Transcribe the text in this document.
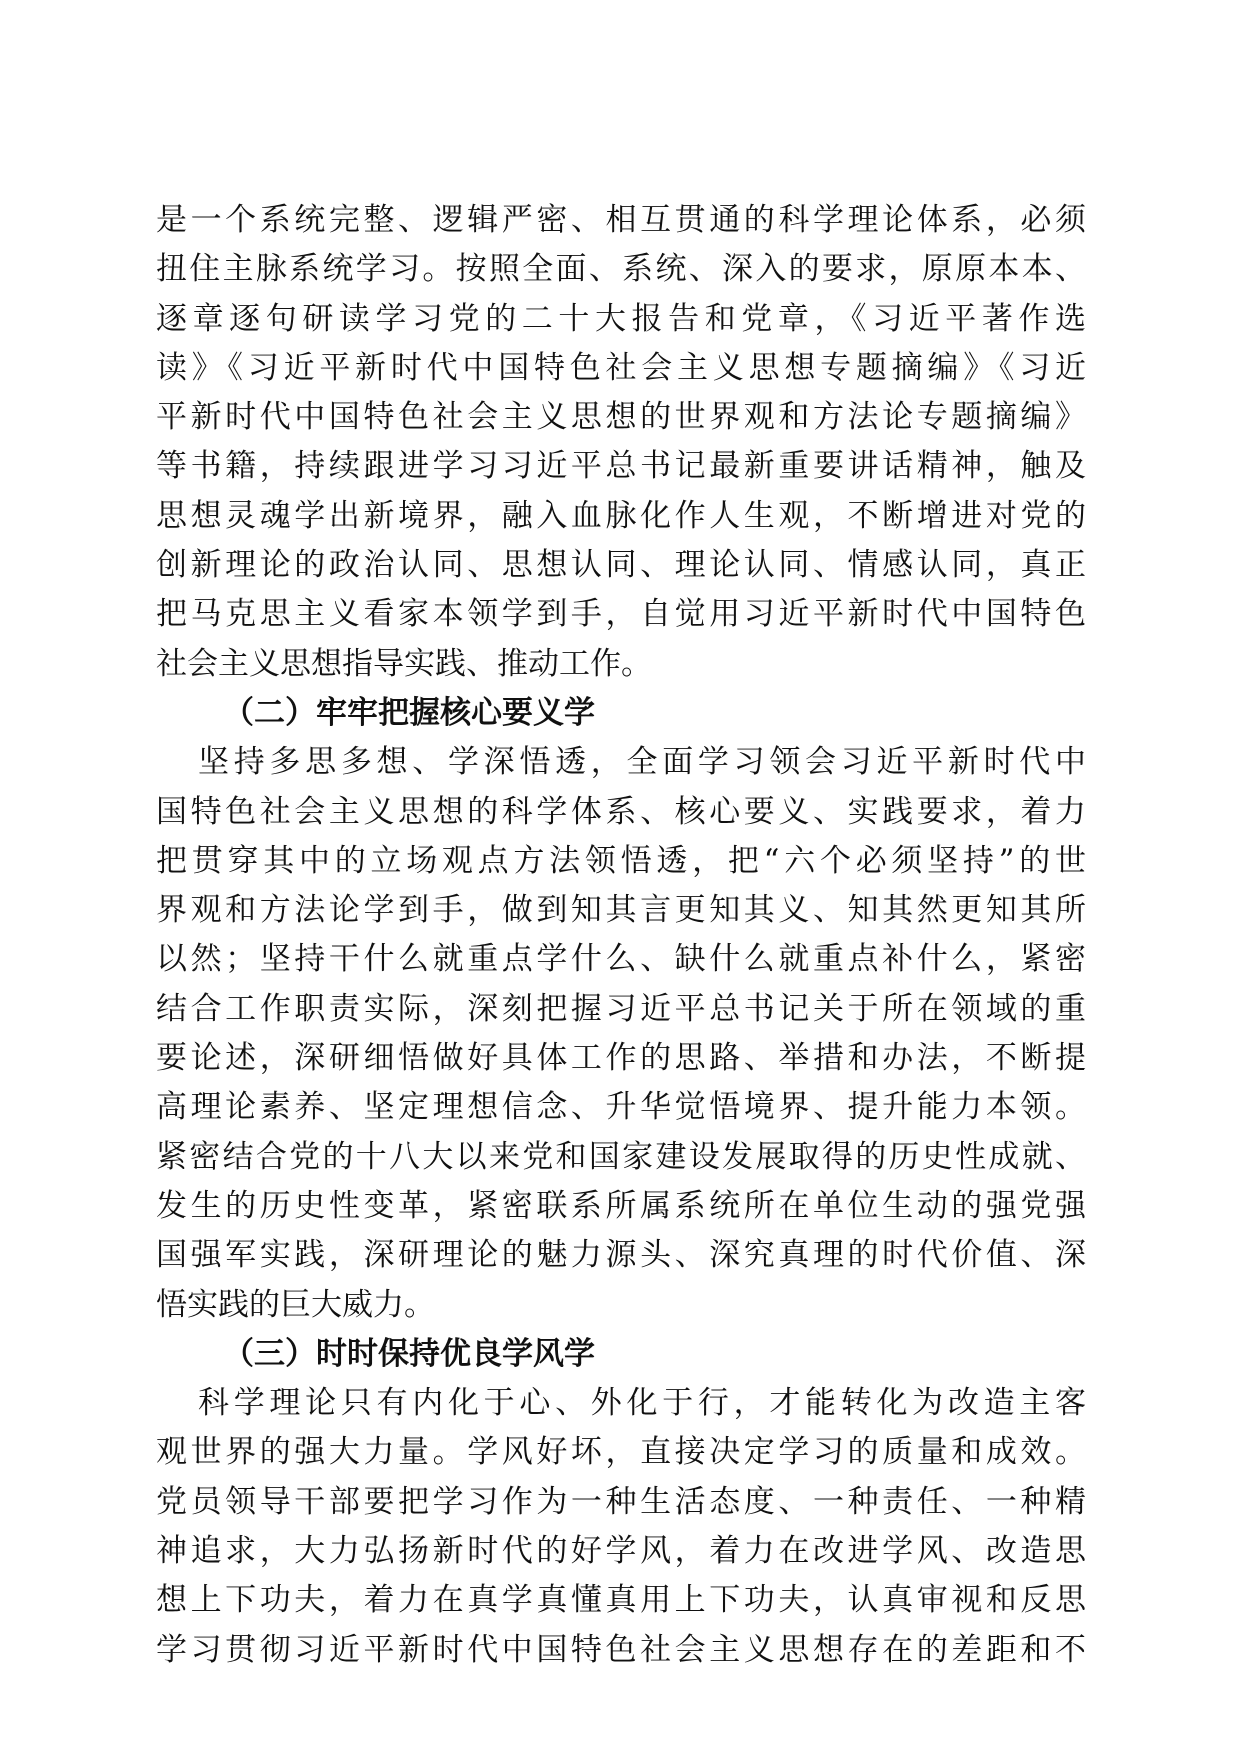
是一个系统完整、逻辑严密、相互贯通的科学理论体系，必须
扭住主脉系统学习。按照全面、系统、深入的要求，原原本本、
逐章逐句研读学习党的二十大报告和党章，《习近平著作选
读》《习近平新时代中国特色社会主义思想专题摘编》《习近
平新时代中国特色社会主义思想的世界观和方法论专题摘编》
等书籍，持续跟进学习习近平总书记最新重要讲话精神，触及
思想灵魂学出新境界，融入血脉化作人生观，不断增进对党的
创新理论的政治认同、思想认同、理论认同、情感认同，真正
把马克思主义看家本领学到手，自觉用习近平新时代中国特色
社会主义思想指导实践、推动工作。
（二）牢牢把握核心要义学
坚持多思多想、学深悟透，全面学习领会习近平新时代中
国特色社会主义思想的科学体系、核心要义、实践要求，着力
把贯穿其中的立场观点方法领悟透，把“六个必须坚持”的世
界观和方法论学到手，做到知其言更知其义、知其然更知其所
以然；坚持干什么就重点学什么、缺什么就重点补什么，紧密
结合工作职责实际，深刻把握习近平总书记关于所在领域的重
要论述，深研细悟做好具体工作的思路、举措和办法，不断提
高理论素养、坚定理想信念、升华觉悟境界、提升能力本领。
紧密结合党的十八大以来党和国家建设发展取得的历史性成就、
发生的历史性变革，紧密联系所属系统所在单位生动的强党强
国强军实践，深研理论的魅力源头、深究真理的时代价值、深
悟实践的巨大威力。
（三）时时保持优良学风学
科学理论只有内化于心、外化于行，才能转化为改造主客
观世界的强大力量。学风好坏，直接决定学习的质量和成效。
党员领导干部要把学习作为一种生活态度、一种责任、一种精
神追求，大力弘扬新时代的好学风，着力在改进学风、改造思
想上下功夫，着力在真学真懂真用上下功夫，认真审视和反思
学习贯彻习近平新时代中国特色社会主义思想存在的差距和不
